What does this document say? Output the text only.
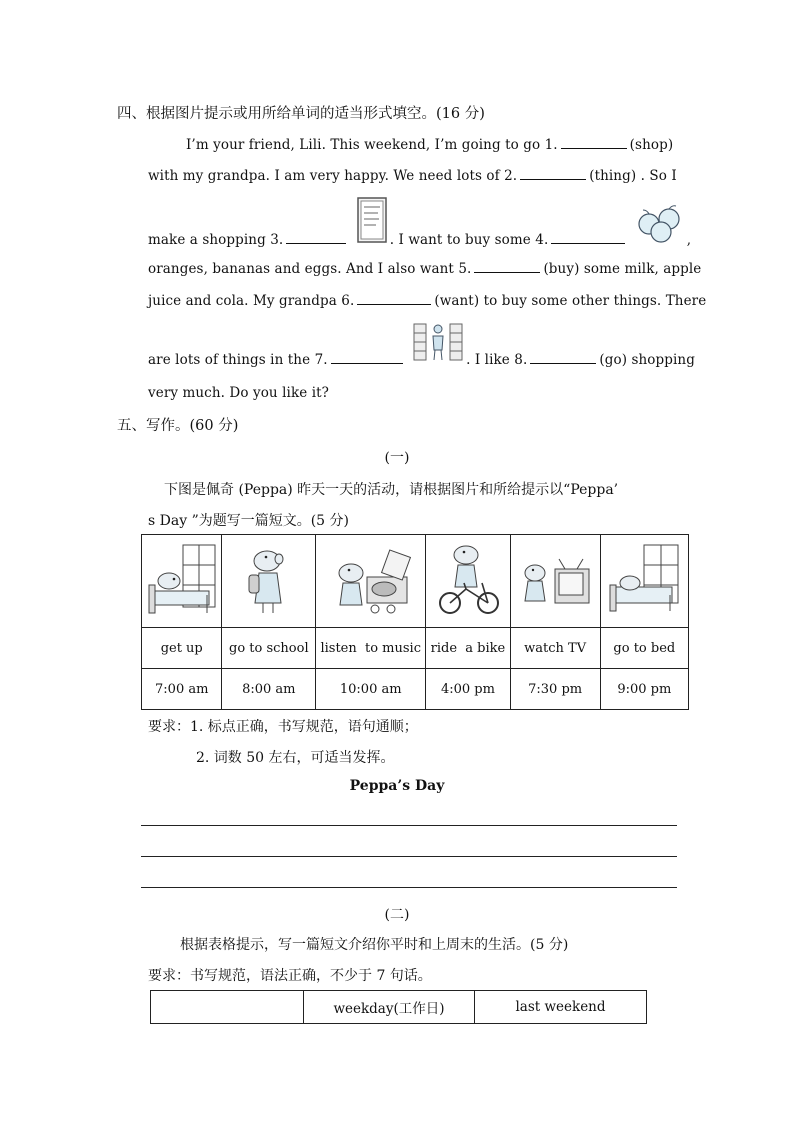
四、根据图片提示或用所给单词的适当形式填空。(16 分)
I’m your friend, Lili. This weekend, I’m going to go 1.	(shop)
with my grandpa. I am very happy. We need lots of 2.	(thing) . So I
make a shopping 3.	. I want to buy some 4.	,
oranges, bananas and eggs. And I also want 5.	(buy) some milk, apple
juice and cola. My grandpa 6.	(want) to buy some other things. There
are lots of things in the 7.	. I like 8.	(go) shopping
very much. Do you like it?
五、写作。(60 分)
(一)
下图是佩奇 (Peppa) 昨天一天的活动，请根据图片和所给提示以“Peppa’
s Day ”为题写一篇短文。(5 分)

get up	go to school	listen  to music	ride  a bike	watch TV	go to bed
7:00 am	8:00 am	10:00 am	4:00 pm	7:30 pm	9:00 pm
要求：1. 标点正确，书写规范，语句通顺；
2. 词数 50 左右，可适当发挥。
Peppa’s Day
(二)
根据表格提示，写一篇短文介绍你平时和上周末的生活。(5 分)
要求：书写规范，语法正确，不少于 7 句话。
	weekday(工作日)	last weekend
